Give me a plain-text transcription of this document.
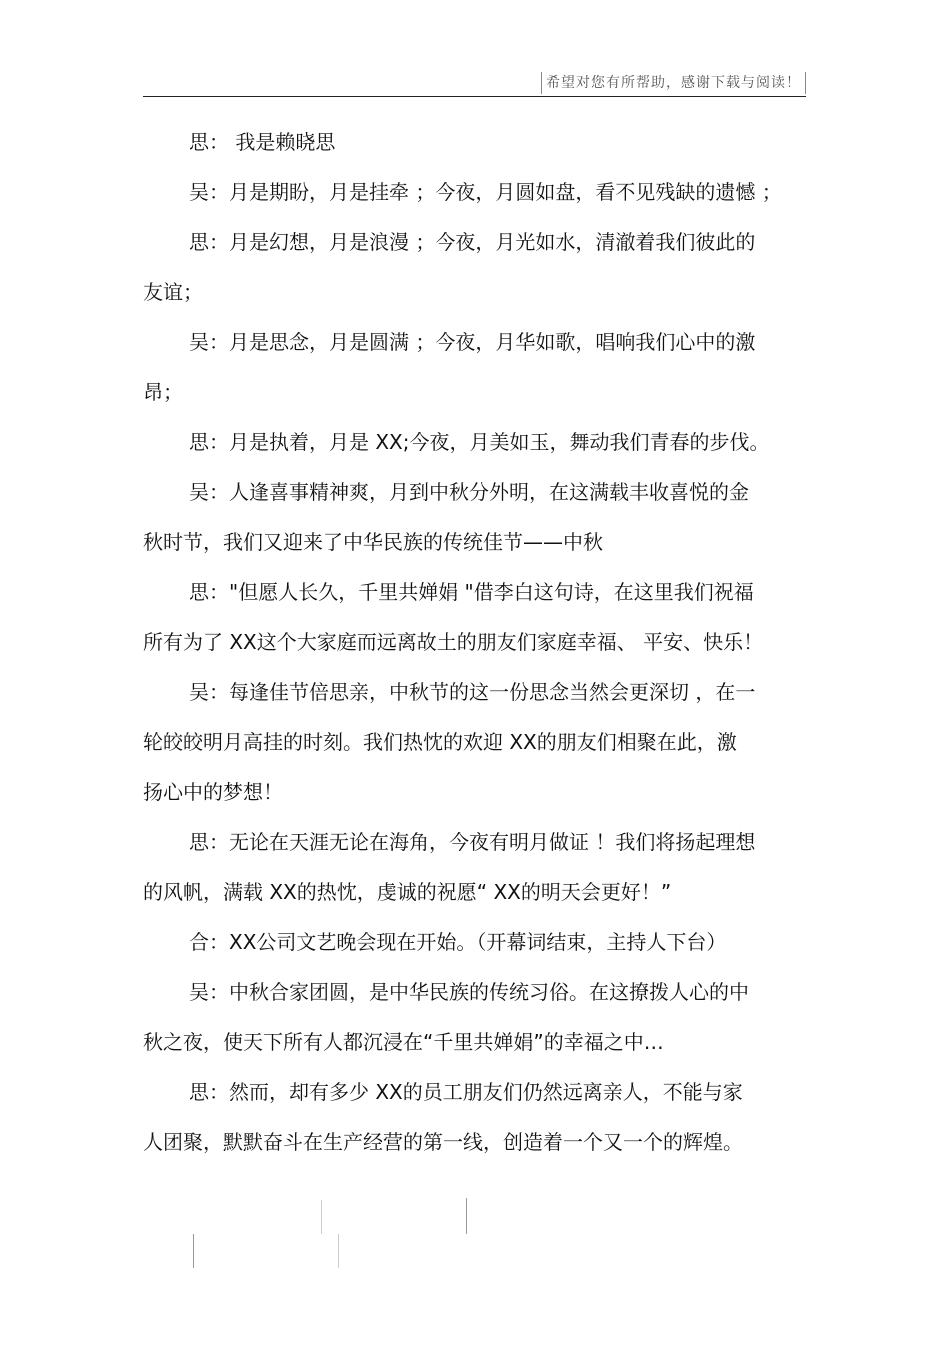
希望对您有所帮助，感谢下载与阅读！
思： 我是赖晓思
吴：月是期盼，月是挂牵 ；今夜，月圆如盘，看不见残缺的遗憾 ；
思：月是幻想，月是浪漫 ；今夜，月光如水，清澈着我们彼此的
友谊；
吴：月是思念，月是圆满 ；今夜，月华如歌，唱响我们心中的激
昂；
思：月是执着，月是 XX;今夜，月美如玉，舞动我们青春的步伐。
吴：人逢喜事精神爽，月到中秋分外明，在这满载丰收喜悦的金
秋时节，我们又迎来了中华民族的传统佳节——中秋
思："但愿人长久，千里共婵娟 "借李白这句诗，在这里我们祝福
所有为了 XX这个大家庭而远离故土的朋友们家庭幸福、 平安、快乐！
吴：每逢佳节倍思亲，中秋节的这一份思念当然会更深切 ，在一
轮皎皎明月高挂的时刻。我们热忱的欢迎 XX的朋友们相聚在此，激
扬心中的梦想！
思：无论在天涯无论在海角，今夜有明月做证 ！我们将扬起理想
的风帆，满载 XX的热忱，虔诚的祝愿“ XX的明天会更好！”
合：XX公司文艺晚会现在开始。（开幕词结束，主持人下台）
吴：中秋合家团圆，是中华民族的传统习俗。在这撩拨人心的中
秋之夜，使天下所有人都沉浸在“千里共婵娟”的幸福之中…
思：然而，却有多少 XX的员工朋友们仍然远离亲人，不能与家
人团聚，默默奋斗在生产经营的第一线，创造着一个又一个的辉煌。
